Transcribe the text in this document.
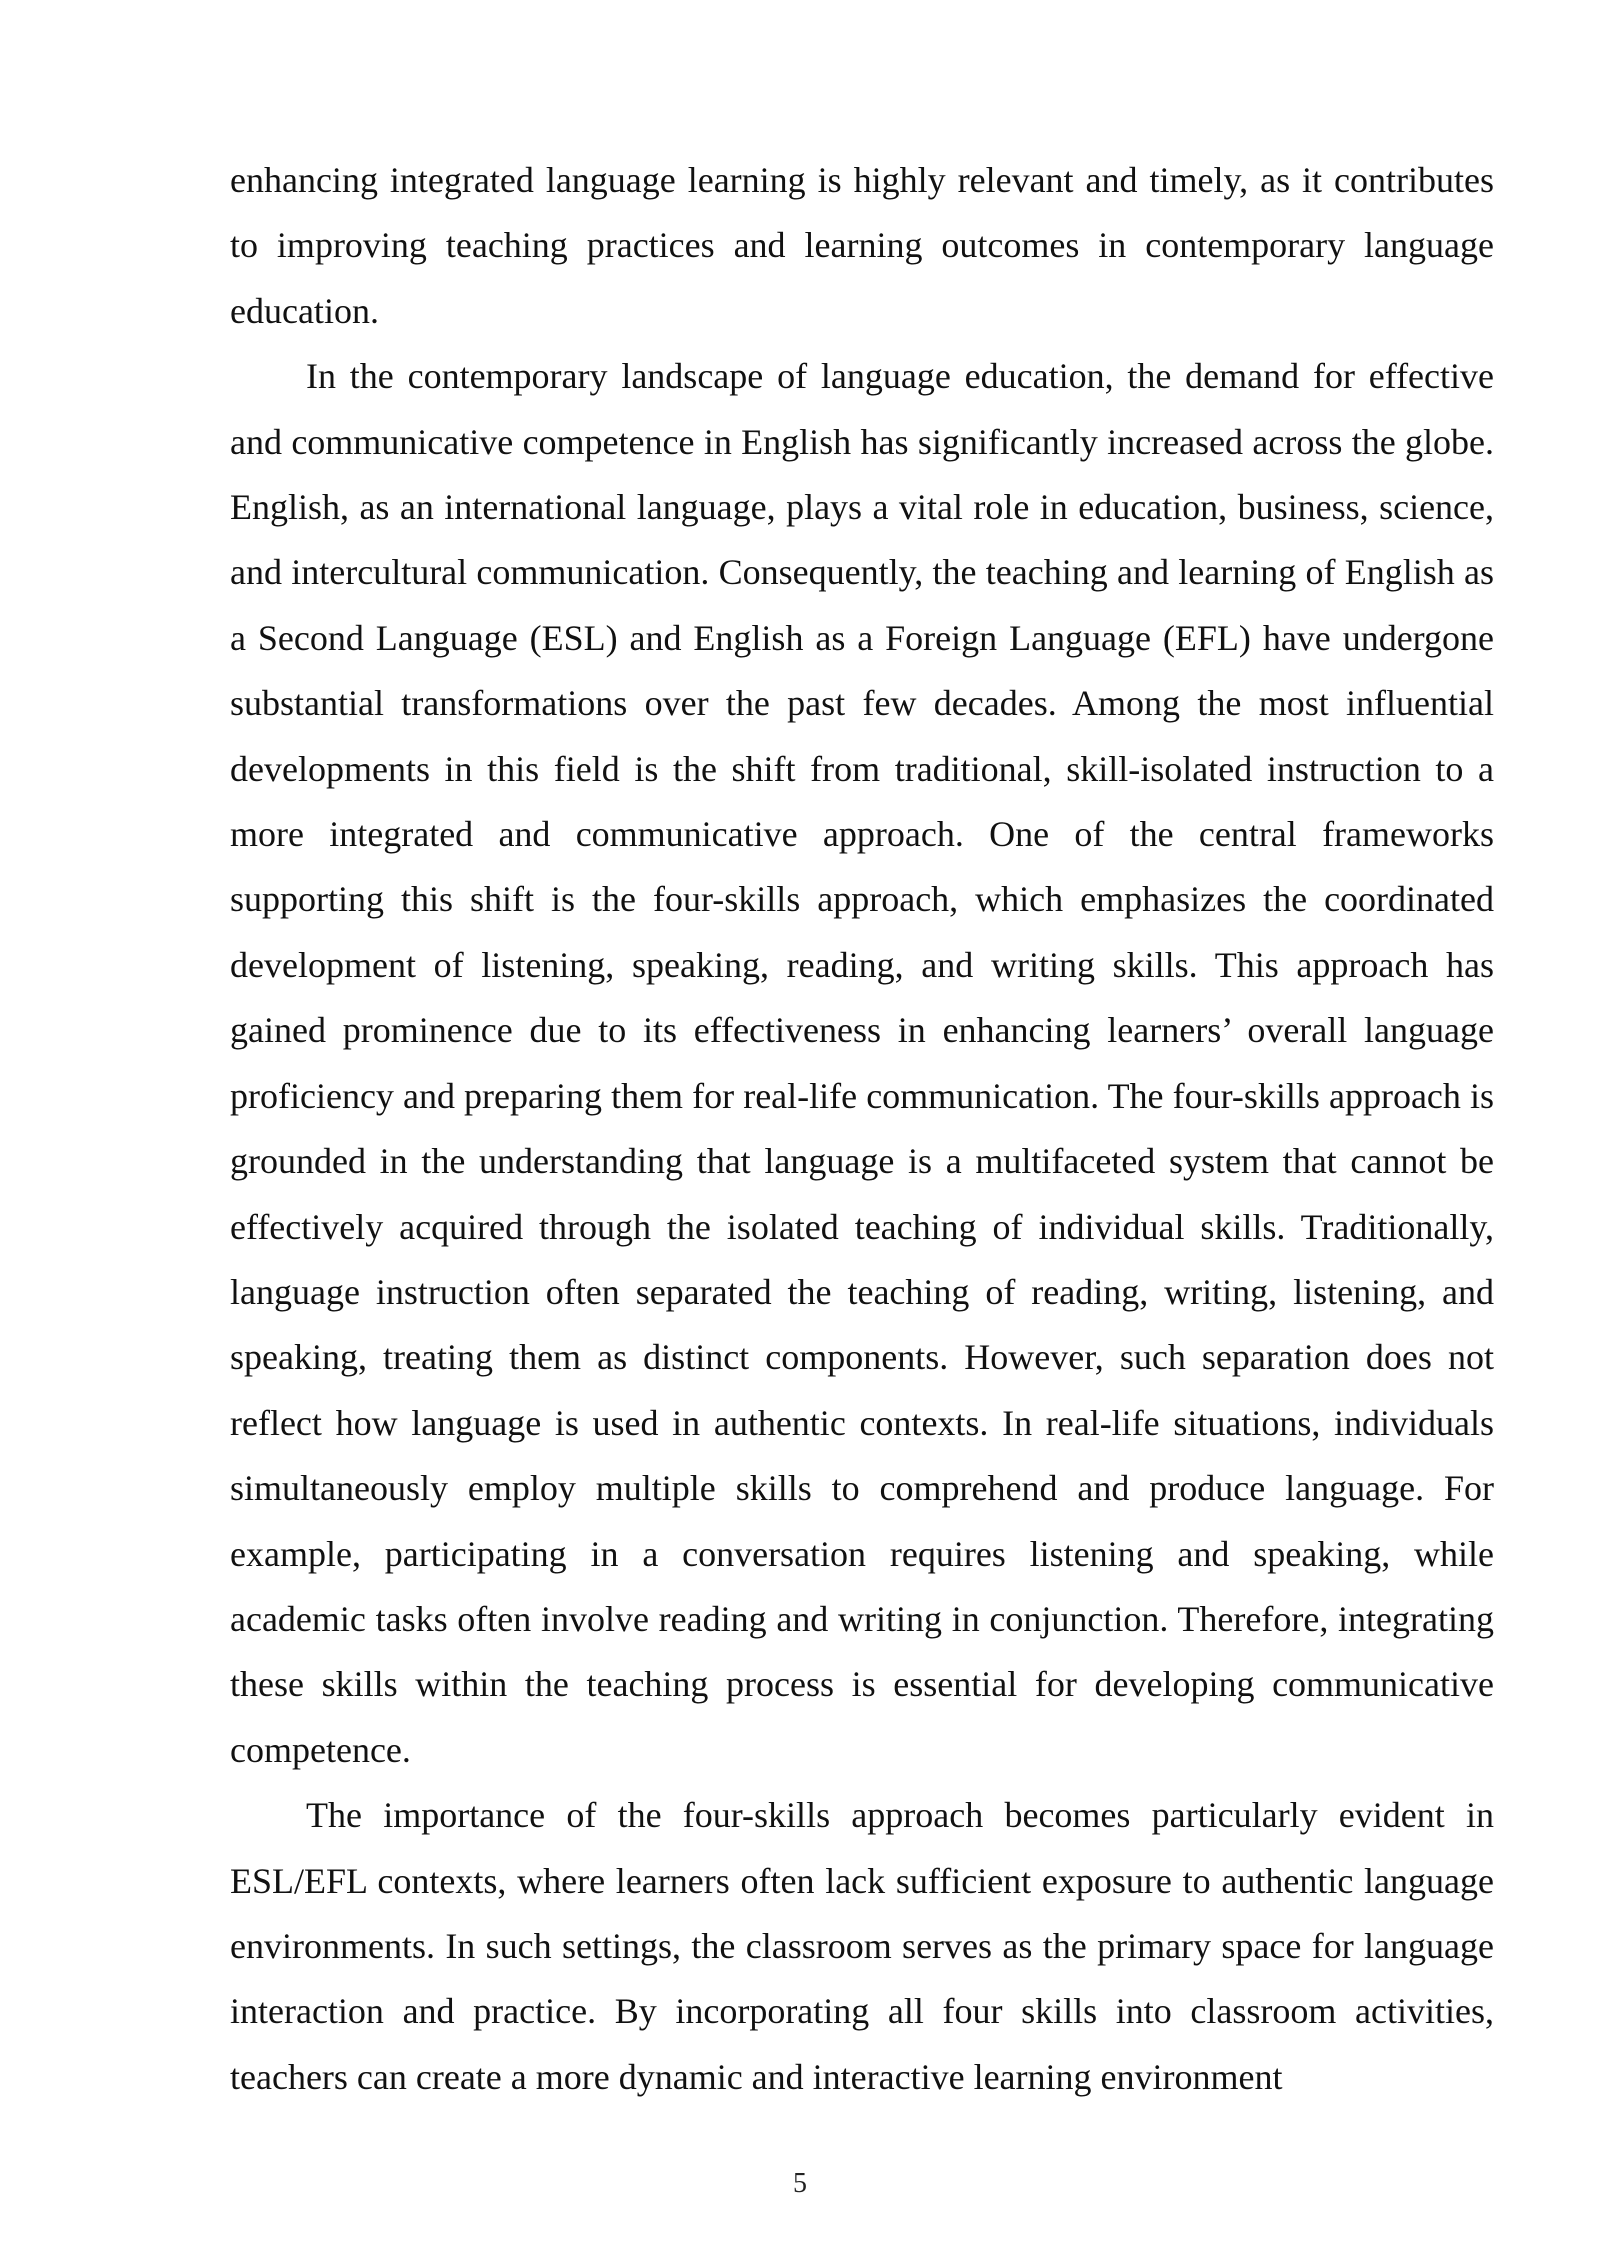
enhancing integrated language learning is highly relevant and timely, as it contributes to improving teaching practices and learning outcomes in contemporary language education.

In the contemporary landscape of language education, the demand for effective and communicative competence in English has significantly increased across the globe. English, as an international language, plays a vital role in education, business, science, and intercultural communication. Consequently, the teaching and learning of English as a Second Language (ESL) and English as a Foreign Language (EFL) have undergone substantial transformations over the past few decades. Among the most influential developments in this field is the shift from traditional, skill-isolated instruction to a more integrated and communicative approach. One of the central frameworks supporting this shift is the four-skills approach, which emphasizes the coordinated development of listening, speaking, reading, and writing skills. This approach has gained prominence due to its effectiveness in enhancing learners’ overall language proficiency and preparing them for real-life communication. The four-skills approach is grounded in the understanding that language is a multifaceted system that cannot be effectively acquired through the isolated teaching of individual skills. Traditionally, language instruction often separated the teaching of reading, writing, listening, and speaking, treating them as distinct components. However, such separation does not reflect how language is used in authentic contexts. In real-life situations, individuals simultaneously employ multiple skills to comprehend and produce language. For example, participating in a conversation requires listening and speaking, while academic tasks often involve reading and writing in conjunction. Therefore, integrating these skills within the teaching process is essential for developing communicative competence.

The importance of the four-skills approach becomes particularly evident in ESL/EFL contexts, where learners often lack sufficient exposure to authentic language environments. In such settings, the classroom serves as the primary space for language interaction and practice. By incorporating all four skills into classroom activities, teachers can create a more dynamic and interactive learning environment

5
